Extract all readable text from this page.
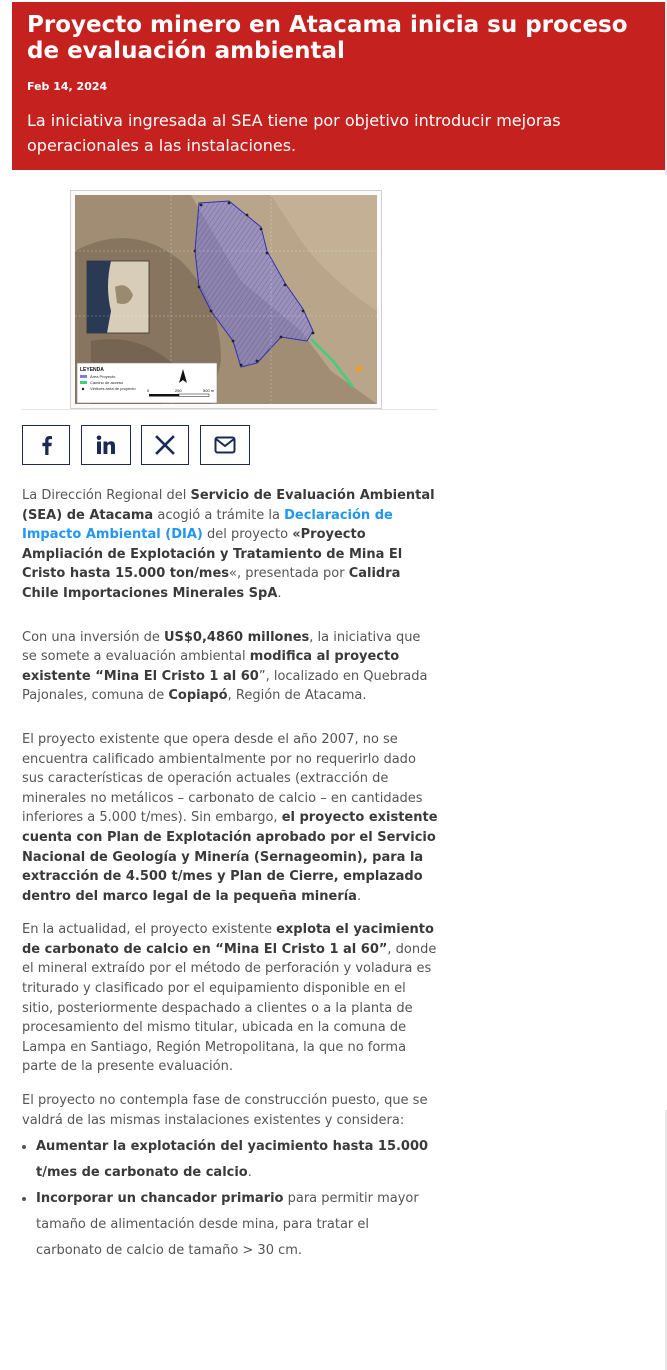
Proyecto minero en Atacama inicia su proceso de evaluación ambiental
Feb 14, 2024
La iniciativa ingresada al SEA tiene por objetivo introducir mejoras operacionales a las instalaciones.
LEYENDA
Área Proyecto
Camino de acceso
Vértices área de proyecto	0	250	500 m

La Dirección Regional del Servicio de Evaluación Ambiental (SEA) de Atacama acogió a trámite la Declaración de Impacto Ambiental (DIA) del proyecto «Proyecto Ampliación de Explotación y Tratamiento de Mina El Cristo hasta 15.000 ton/mes«, presentada por Calidra Chile Importaciones Minerales SpA.

Con una inversión de US$0,4860 millones, la iniciativa que se somete a evaluación ambiental modifica al proyecto existente “Mina El Cristo 1 al 60”, localizado en Quebrada Pajonales, comuna de Copiapó, Región de Atacama.

El proyecto existente que opera desde el año 2007, no se encuentra calificado ambientalmente por no requerirlo dado sus características de operación actuales (extracción de minerales no metálicos – carbonato de calcio – en cantidades inferiores a 5.000 t/mes). Sin embargo, el proyecto existente cuenta con Plan de Explotación aprobado por el Servicio Nacional de Geología y Minería (Sernageomin), para la extracción de 4.500 t/mes y Plan de Cierre, emplazado dentro del marco legal de la pequeña minería.

En la actualidad, el proyecto existente explota el yacimiento de carbonato de calcio en “Mina El Cristo 1 al 60”, donde el mineral extraído por el método de perforación y voladura es triturado y clasificado por el equipamiento disponible en el sitio, posteriormente despachado a clientes o a la planta de procesamiento del mismo titular, ubicada en la comuna de Lampa en Santiago, Región Metropolitana, la que no forma parte de la presente evaluación.

El proyecto no contempla fase de construcción puesto, que se valdrá de las mismas instalaciones existentes y considera:

• Aumentar la explotación del yacimiento hasta 15.000 t/mes de carbonato de calcio.
• Incorporar un chancador primario para permitir mayor tamaño de alimentación desde mina, para tratar el carbonato de calcio de tamaño > 30 cm.
